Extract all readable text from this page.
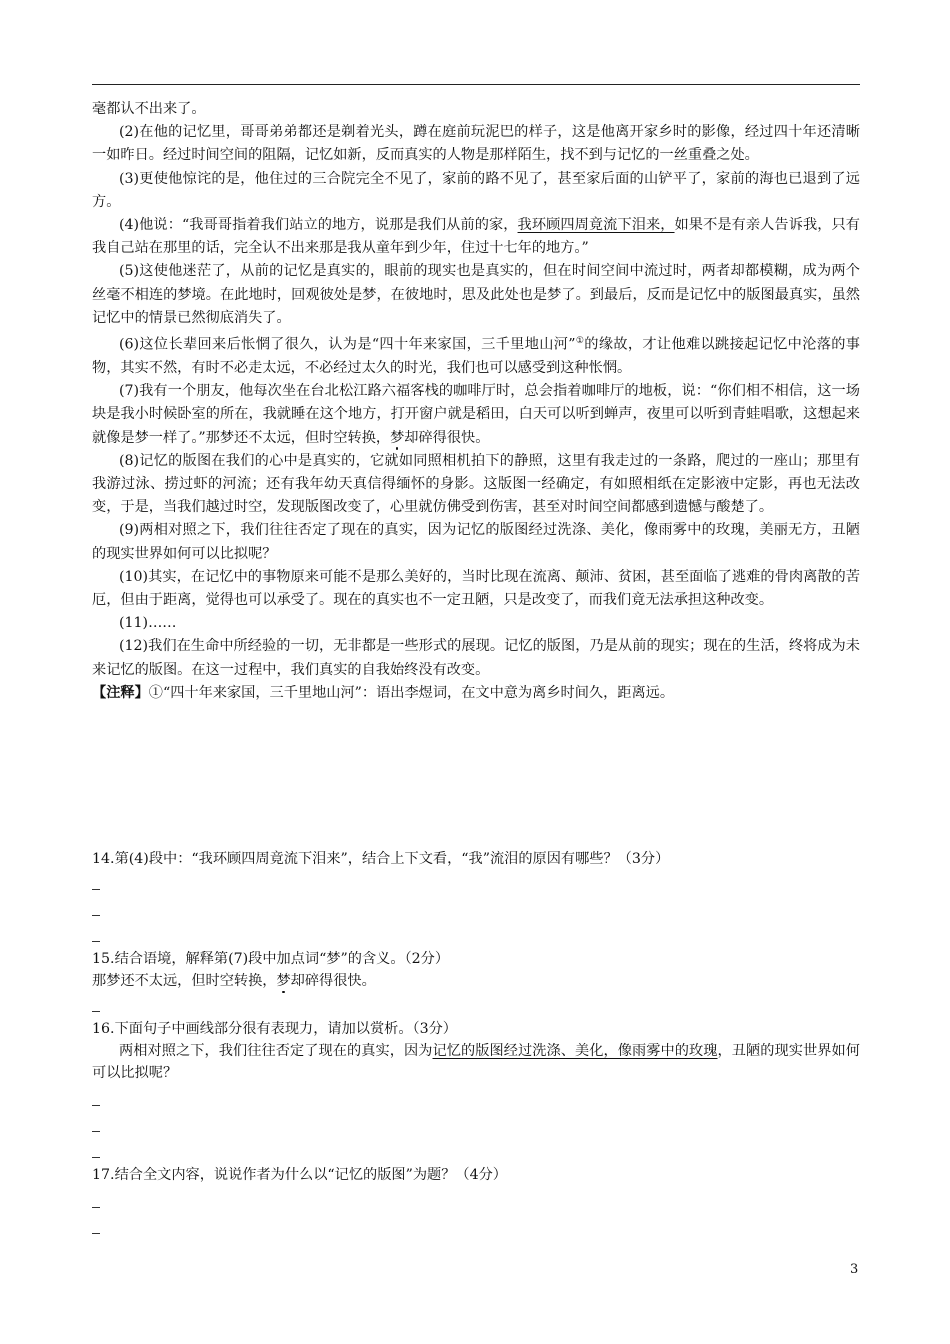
毫都认不出来了。

(2)在他的记忆里，哥哥弟弟都还是剃着光头，蹲在庭前玩泥巴的样子，这是他离开家乡时的影像，经过四十年还清晰一如昨日。经过时间空间的阻隔，记忆如新，反而真实的人物是那样陌生，找不到与记忆的一丝重叠之处。

(3)更使他惊诧的是，他住过的三合院完全不见了，家前的路不见了，甚至家后面的山铲平了，家前的海也已退到了远方。

(4)他说：“我哥哥指着我们站立的地方，说那是我们从前的家，我环顾四周竟流下泪来，如果不是有亲人告诉我，只有我自己站在那里的话，完全认不出来那是我从童年到少年，住过十七年的地方。”

(5)这使他迷茫了，从前的记忆是真实的，眼前的现实也是真实的，但在时间空间中流过时，两者却都模糊，成为两个丝毫不相连的梦境。在此地时，回观彼处是梦，在彼地时，思及此处也是梦了。到最后，反而是记忆中的版图最真实，虽然记忆中的情景已然彻底消失了。

(6)这位长辈回来后怅惘了很久，认为是“四十年来家国，三千里地山河”①的缘故，才让他难以跳接起记忆中沦落的事物，其实不然，有时不必走太远，不必经过太久的时光，我们也可以感受到这种怅惘。

(7)我有一个朋友，他每次坐在台北松江路六福客栈的咖啡厅时，总会指着咖啡厅的地板，说：“你们相不相信，这一场块是我小时候卧室的所在，我就睡在这个地方，打开窗户就是稻田，白天可以听到蝉声，夜里可以听到青蛙唱歌，这想起来就像是梦一样了。”那梦还不太远，但时空转换，梦却碎得很快。

(8)记忆的版图在我们的心中是真实的，它就如同照相机拍下的静照，这里有我走过的一条路，爬过的一座山；那里有我游过泳、捞过虾的河流；还有我年幼天真信得缅怀的身影。这版图一经确定，有如照相纸在定影液中定影，再也无法改变，于是，当我们越过时空，发现版图改变了，心里就仿佛受到伤害，甚至对时间空间都感到遗憾与酸楚了。

(9)两相对照之下，我们往往否定了现在的真实，因为记忆的版图经过洗涤、美化，像雨雾中的玫瑰，美丽无方，丑陋的现实世界如何可以比拟呢？

(10)其实，在记忆中的事物原来可能不是那么美好的，当时比现在流离、颠沛、贫困，甚至面临了逃难的骨肉离散的苦厄，但由于距离，觉得也可以承受了。现在的真实也不一定丑陋，只是改变了，而我们竟无法承担这种改变。

(11)……

(12)我们在生命中所经验的一切，无非都是一些形式的展现。记忆的版图，乃是从前的现实；现在的生活，终将成为未来记忆的版图。在这一过程中，我们真实的自我始终没有改变。

【注释】①“四十年来家国，三千里地山河”：语出李煜词，在文中意为离乡时间久，距离远。

14.第(4)段中：“我环顾四周竟流下泪来”，结合上下文看，“我”流泪的原因有哪些？（3分）

15.结合语境，解释第(7)段中加点词“梦”的含义。（2分）

那梦还不太远，但时空转换，梦却碎得很快。

16.下面句子中画线部分很有表现力，请加以赏析。（3分）

两相对照之下，我们往往否定了现在的真实，因为记忆的版图经过洗涤、美化，像雨雾中的玫瑰，丑陋的现实世界如何可以比拟呢？

17.结合全文内容，说说作者为什么以“记忆的版图”为题？（4分）

3
